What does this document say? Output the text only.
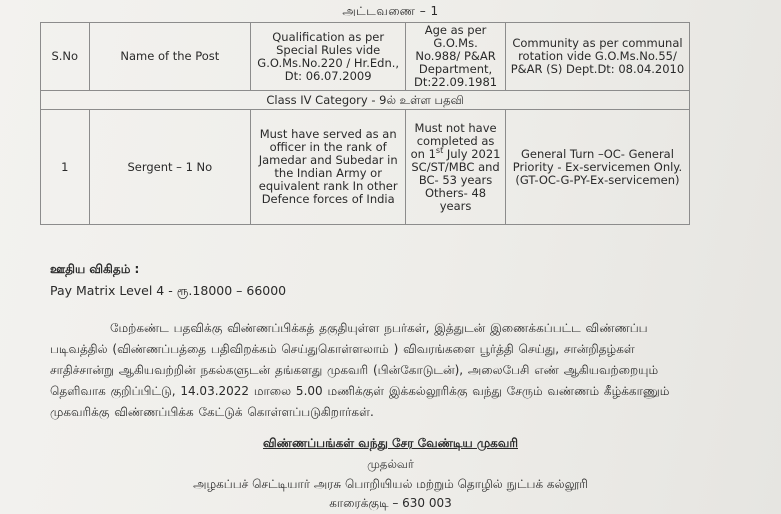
அட்டவணை – 1
S.No	Name of the Post	Qualification as per Special Rules vide G.O.Ms.No.220 / Hr.Edn., Dt: 06.07.2009	Age as per G.O.Ms. No.988/ P&AR Department, Dt:22.09.1981	Community as per communal rotation vide G.O.Ms.No.55/ P&AR (S) Dept.Dt: 08.04.2010
Class IV Category - 9ல் உள்ள பதவி				
1	Sergent – 1 No	Must have served as an officer in the rank of Jamedar and Subedar in the Indian Army or equivalent rank In other Defence forces of India	Must not have completed as on 1st July 2021 SC/ST/MBC and BC- 53 years Others- 48 years	General Turn –OC- General Priority - Ex-servicemen Only. (GT-OC-G-PY-Ex-servicemen)
ஊதிய விகிதம் :
Pay Matrix Level 4 - ரூ.18000 – 66000
மேற்கண்ட பதவிக்கு விண்ணப்பிக்கத் தகுதியுள்ள நபர்கள், இத்துடன் இணைக்கப்பட்ட விண்ணப்ப படிவத்தில் (விண்ணப்பத்தை பதிவிறக்கம் செய்துகொள்ளலாம் ) விவரங்களை பூர்த்தி செய்து, சான்றிதழ்கள் சாதிச்சான்று ஆகியவற்றின் நகல்களுடன் தங்களது முகவரி (பின்கோடுடன்), அலைபேசி எண் ஆகியவற்றையும் தெளிவாக குறிப்பிட்டு, 14.03.2022 மாலை 5.00 மணிக்குள் இக்கல்லூரிக்கு வந்து சேரும் வண்ணம் கீழ்க்காணும் முகவரிக்கு விண்ணப்பிக்க கேட்டுக் கொள்ளப்படுகிறார்கள்.
விண்ணப்பங்கள் வந்து சேர வேண்டிய முகவரி
முதல்வர்
அழகப்பச் செட்டியார் அரசு பொறியியல் மற்றும் தொழில் நுட்பக் கல்லூரி
காரைக்குடி – 630 003
